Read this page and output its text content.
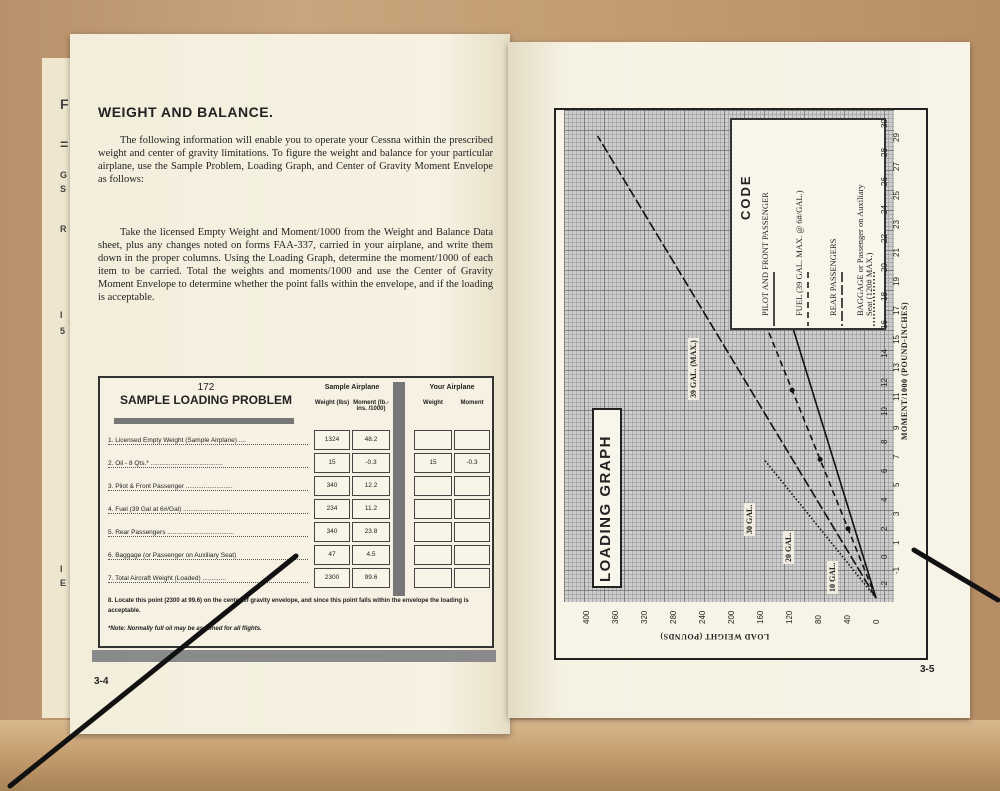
F
=
G
S
R
I
E
5
I
WEIGHT AND BALANCE.

The following information will enable you to operate your Cessna within the prescribed weight and center of gravity limitations. To figure the weight and balance for your particular airplane, use the Sample Problem, Loading Graph, and Center of Gravity Moment Envelope as follows:

Take the licensed Empty Weight and Moment/1000 from the Weight and Balance Data sheet, plus any changes noted on forms FAA-337, carried in your airplane, and write them down in the proper columns. Using the Loading Graph, determine the moment/1000 of each item to be carried. Total the weights and moments/1000 and use the Center of Gravity Moment Envelope to determine whether the point falls within the envelope, and if the loading is acceptable.

172
SAMPLE LOADING PROBLEM
Sample Airplane	Your Airplane
Weight (lbs) Moment (lb.-ins. /1000)
Weight	Moment
1. Licensed Empty Weight (Sample Airplane) ....	1324	48.2
2. Oil - 8 Qts.* ........................................	15	-0.3	15	-0.3
3. Pilot & Front Passenger ..........................	340	12.2
4. Fuel (39 Gal at 6#/Gal) ..........................	234	11.2
5. Rear Passengers .....................................	340	23.8
6. Baggage (or Passenger on Auxiliary Seat)	47	4.5
7. Total Aircraft Weight (Loaded) .............	2300	99.6
8. Locate this point (2300 at 99.6) on the center of gravity envelope, and since this point falls within the envelope the loading is acceptable.
*Note: Normally full oil may be assumed for all flights.
3-4
CODE PILOT AND FRONT PASSENGER	FUEL (39 GAL. MAX. @ 6#/GAL.)	REAR PASSENGERS BAGGAGE or Passenger on Auxiliary Seat (120# MAX.)
LOADING GRAPH
39 GAL. (MAX.)
30 GAL.
20 GAL.
10 GAL.	-2
-1
0
1
2
3
4
5
6
7
8
9
10
11
12
13
14
15
16
17
18
19
20
21
22
23
24
25
26
27
28
29
30
400	360	320	280	240	200	160	120	80	40	0
MOMENT/1000 (POUND-INCHES)
LOAD WEIGHT (POUNDS)
3-5
